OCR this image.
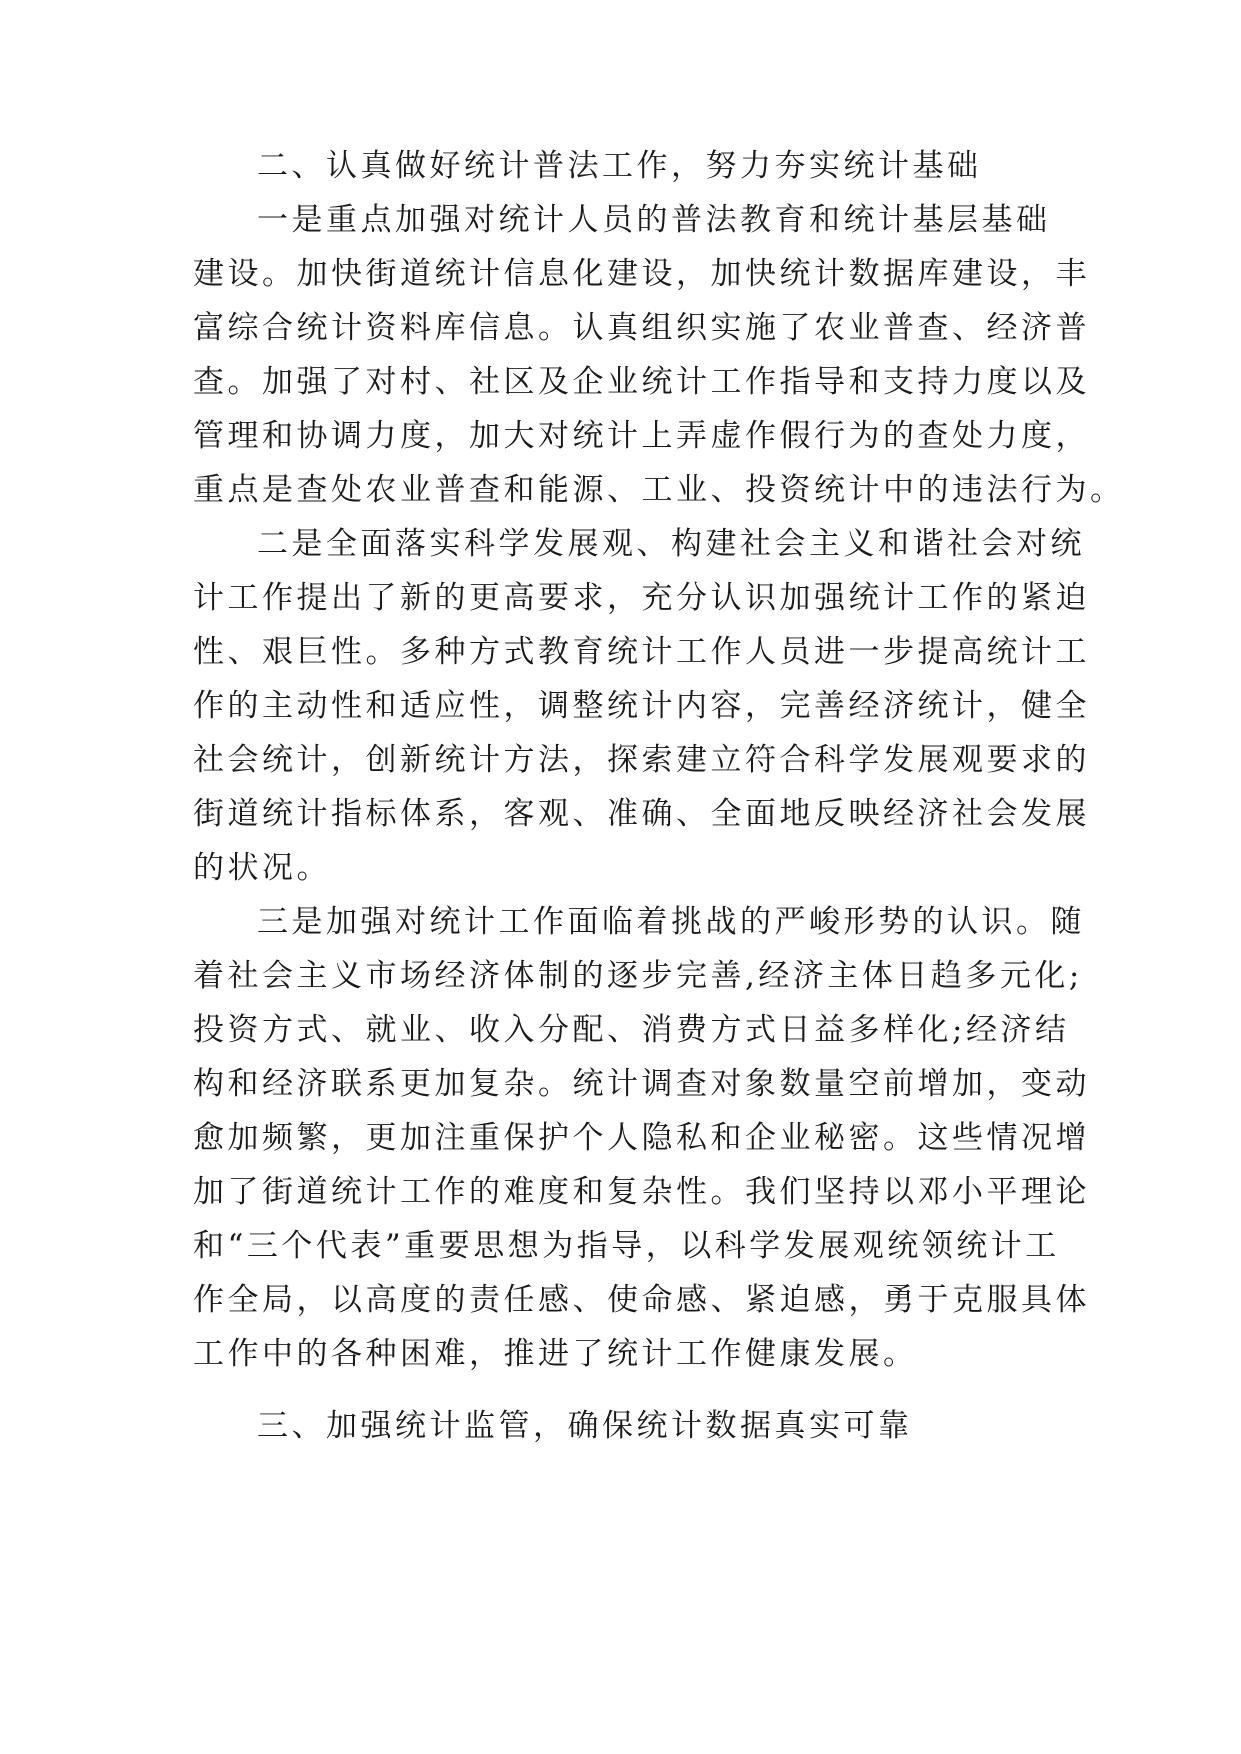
二、认真做好统计普法工作，努力夯实统计基础
一是重点加强对统计人员的普法教育和统计基层基础
建设。加快街道统计信息化建设，加快统计数据库建设，丰
富综合统计资料库信息。认真组织实施了农业普查、经济普
查。加强了对村、社区及企业统计工作指导和支持力度以及
管理和协调力度，加大对统计上弄虚作假行为的查处力度，
重点是查处农业普查和能源、工业、投资统计中的违法行为。
二是全面落实科学发展观、构建社会主义和谐社会对统
计工作提出了新的更高要求，充分认识加强统计工作的紧迫
性、艰巨性。多种方式教育统计工作人员进一步提高统计工
作的主动性和适应性，调整统计内容，完善经济统计，健全
社会统计，创新统计方法，探索建立符合科学发展观要求的
街道统计指标体系，客观、准确、全面地反映经济社会发展
的状况。
三是加强对统计工作面临着挑战的严峻形势的认识。随
着社会主义市场经济体制的逐步完善,经济主体日趋多元化;
投资方式、就业、收入分配、消费方式日益多样化;经济结
构和经济联系更加复杂。统计调查对象数量空前增加，变动
愈加频繁，更加注重保护个人隐私和企业秘密。这些情况增
加了街道统计工作的难度和复杂性。我们坚持以邓小平理论
和“三个代表”重要思想为指导，以科学发展观统领统计工
作全局，以高度的责任感、使命感、紧迫感，勇于克服具体
工作中的各种困难，推进了统计工作健康发展。
三、加强统计监管，确保统计数据真实可靠
